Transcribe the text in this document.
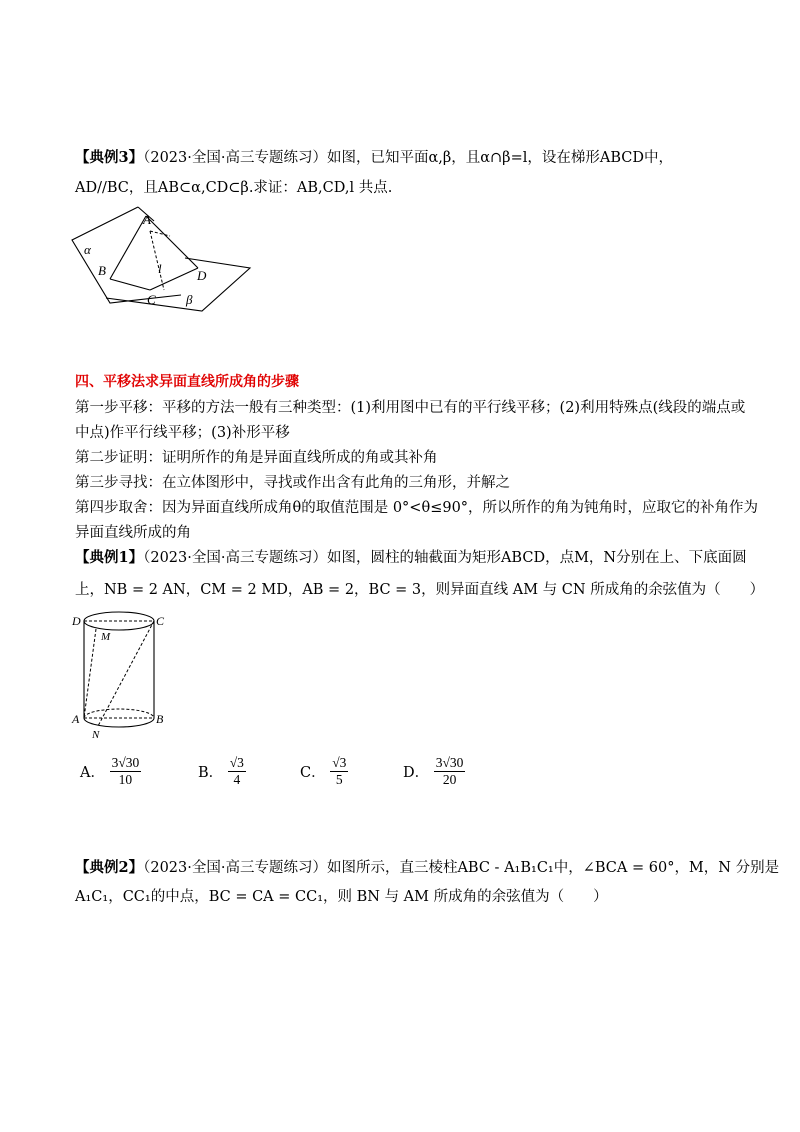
【典例3】（2023·全国·高三专题练习）如图，已知平面α,β，且α∩β=l，设在梯形ABCD中，
AD//BC，且AB⊂α,CD⊂β.求证：AB,CD,l 共点.
A
B
C
D
l
α
β
四、平移法求异面直线所成角的步骤
第一步平移：平移的方法一般有三种类型：(1)利用图中已有的平行线平移；(2)利用特殊点(线段的端点或
中点)作平行线平移；(3)补形平移
第二步证明：证明所作的角是异面直线所成的角或其补角
第三步寻找：在立体图形中，寻找或作出含有此角的三角形，并解之
第四步取舍：因为异面直线所成角θ的取值范围是 0°<θ≤90°，所以所作的角为钝角时，应取它的补角作为
异面直线所成的角
【典例1】（2023·全国·高三专题练习）如图，圆柱的轴截面为矩形ABCD，点M，N分别在上、下底面圆
上，NB = 2 AN，CM = 2 MD，AB = 2，BC = 3，则异面直线 AM 与 CN 所成角的余弦值为（　　）
D	C
M
A	B
N
A． $\frac{3√30}{10}$	B． $\frac{√3}{4}$	C． $\frac{√3}{5}$	D． $\frac{3√30}{20}$
【典例2】（2023·全国·高三专题练习）如图所示，直三棱柱ABC - A₁B₁C₁中，∠BCA = 60°，M，N 分别是
A₁C₁，CC₁的中点，BC = CA = CC₁，则 BN 与 AM 所成角的余弦值为（　　）
